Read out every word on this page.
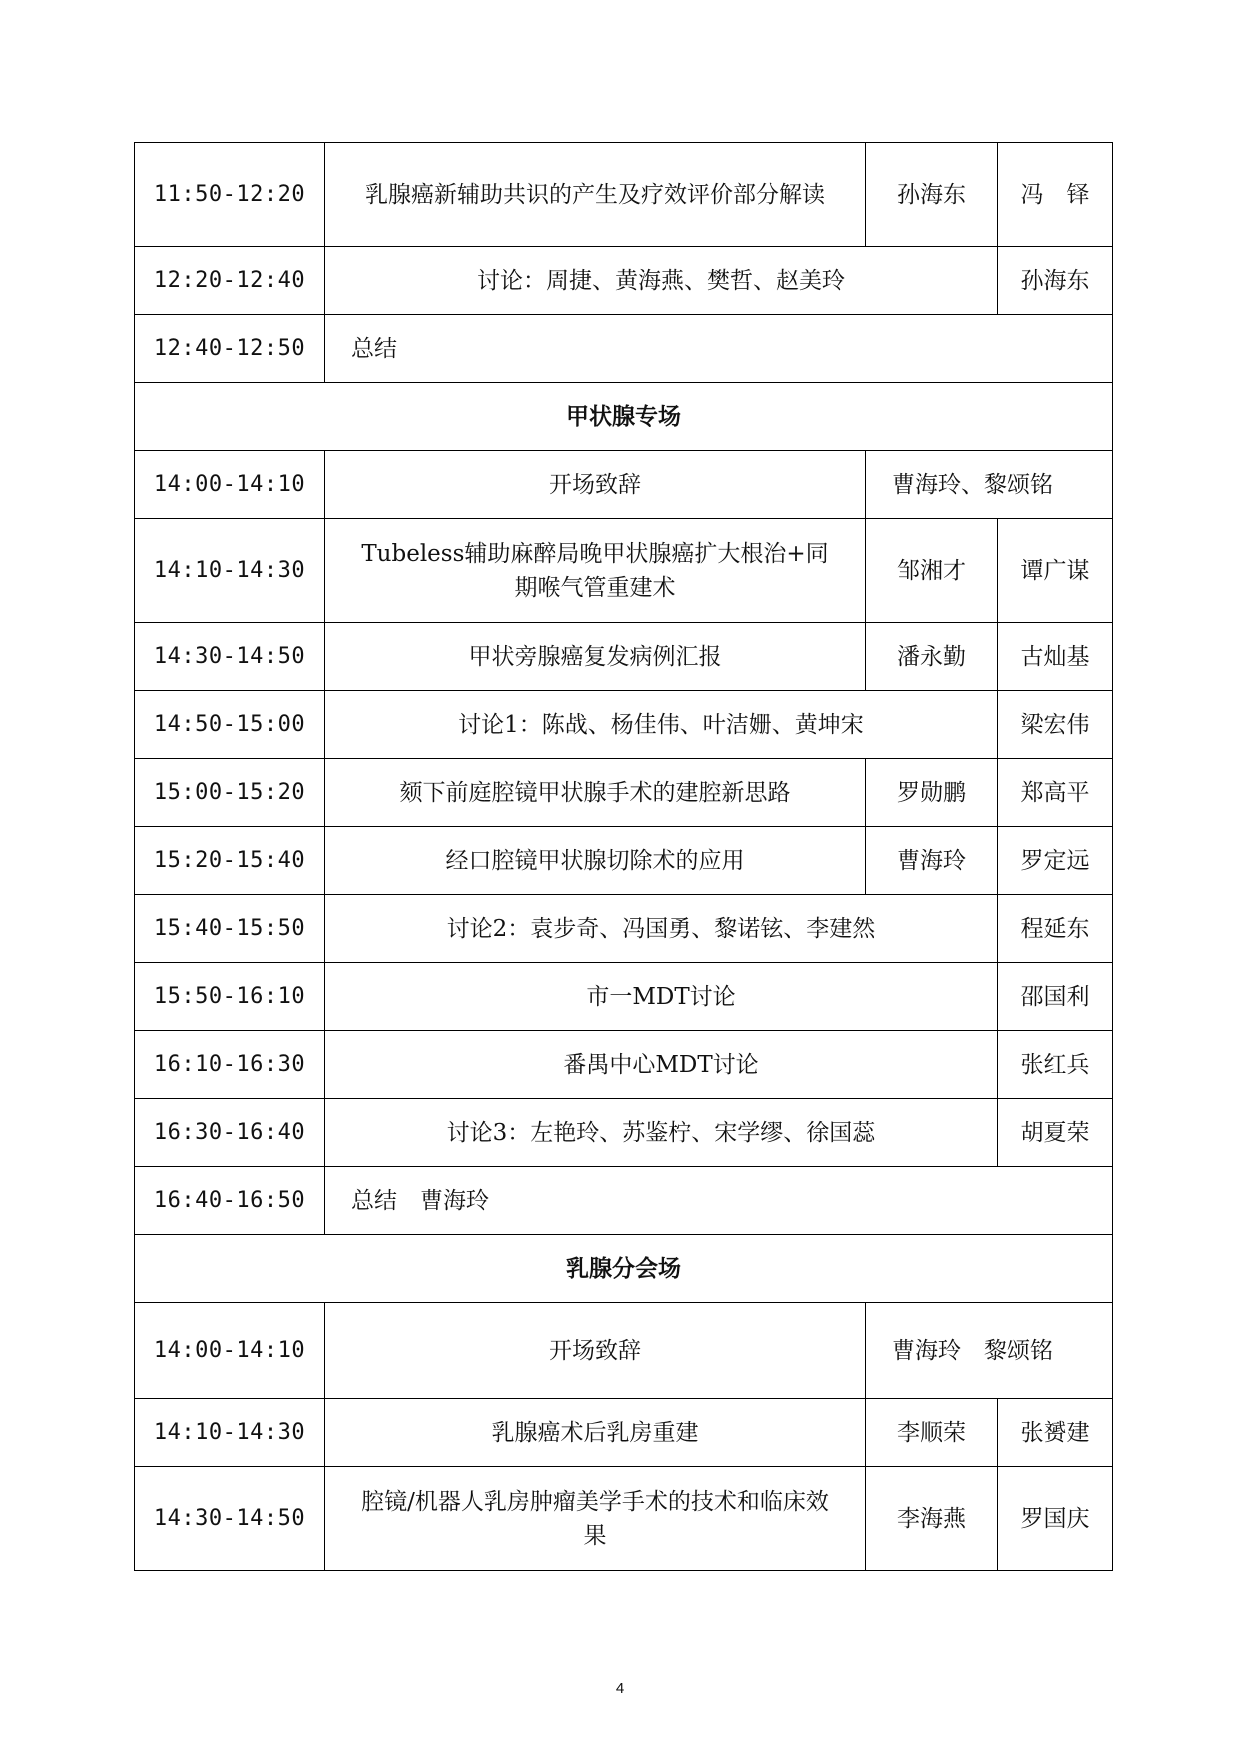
11:50-12:20	乳腺癌新辅助共识的产生及疗效评价部分解读	孙海东	冯　铎
12:20-12:40	讨论：周捷、黄海燕、樊哲、赵美玲		孙海东
12:40-12:50	总结		
甲状腺专场			
14:00-14:10	开场致辞	曹海玲、黎颂铭	
14:10-14:30	Tubeless辅助麻醉局晚甲状腺癌扩大根治+同期喉气管重建术	邹湘才	谭广谋
14:30-14:50	甲状旁腺癌复发病例汇报	潘永勤	古灿基
14:50-15:00	讨论1：陈战、杨佳伟、叶洁姗、黄坤宋		梁宏伟
15:00-15:20	颏下前庭腔镜甲状腺手术的建腔新思路	罗勋鹏	郑高平
15:20-15:40	经口腔镜甲状腺切除术的应用	曹海玲	罗定远
15:40-15:50	讨论2：袁步奇、冯国勇、黎诺铉、李建然		程延东
15:50-16:10	市一MDT讨论		邵国利
16:10-16:30	番禺中心MDT讨论		张红兵
16:30-16:40	讨论3：左艳玲、苏鉴柠、宋学缪、徐国蕊		胡夏荣
16:40-16:50	总结　曹海玲		
乳腺分会场			
14:00-14:10	开场致辞	曹海玲　黎颂铭	
14:10-14:30	乳腺癌术后乳房重建	李顺荣	张赟建
14:30-14:50	腔镜/机器人乳房肿瘤美学手术的技术和临床效果	李海燕	罗国庆
4
